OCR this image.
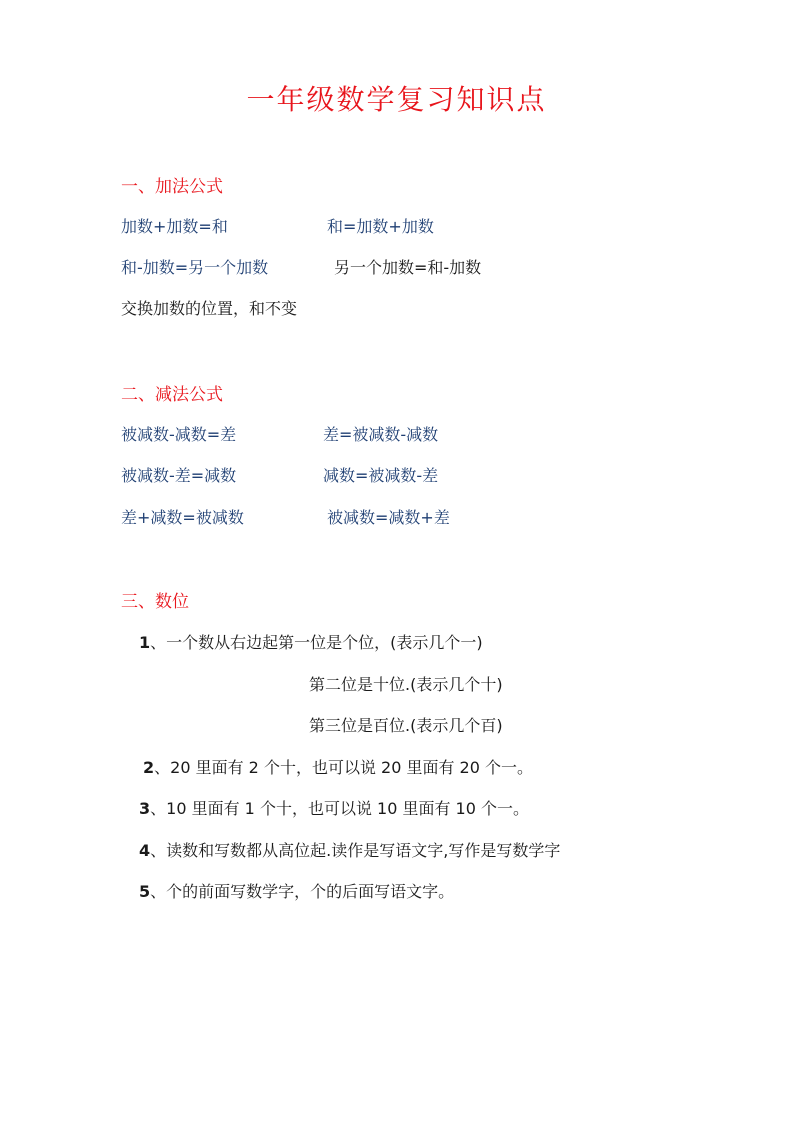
一年级数学复习知识点
一、加法公式
加数+加数=和	和=加数+加数
和-加数=另一个加数	另一个加数=和-加数
交换加数的位置，和不变
二、减法公式
被减数-减数=差	差=被减数-减数
被减数-差=减数	减数=被减数-差
差+减数=被减数	被减数=减数+差
三、数位
1、一个数从右边起第一位是个位，(表示几个一)
第二位是十位.(表示几个十)
第三位是百位.(表示几个百)
2、20 里面有 2 个十，也可以说 20 里面有 20 个一。
3、10 里面有 1 个十，也可以说 10 里面有 10 个一。
4、读数和写数都从高位起.读作是写语文字,写作是写数学字
5、个的前面写数学字，个的后面写语文字。
